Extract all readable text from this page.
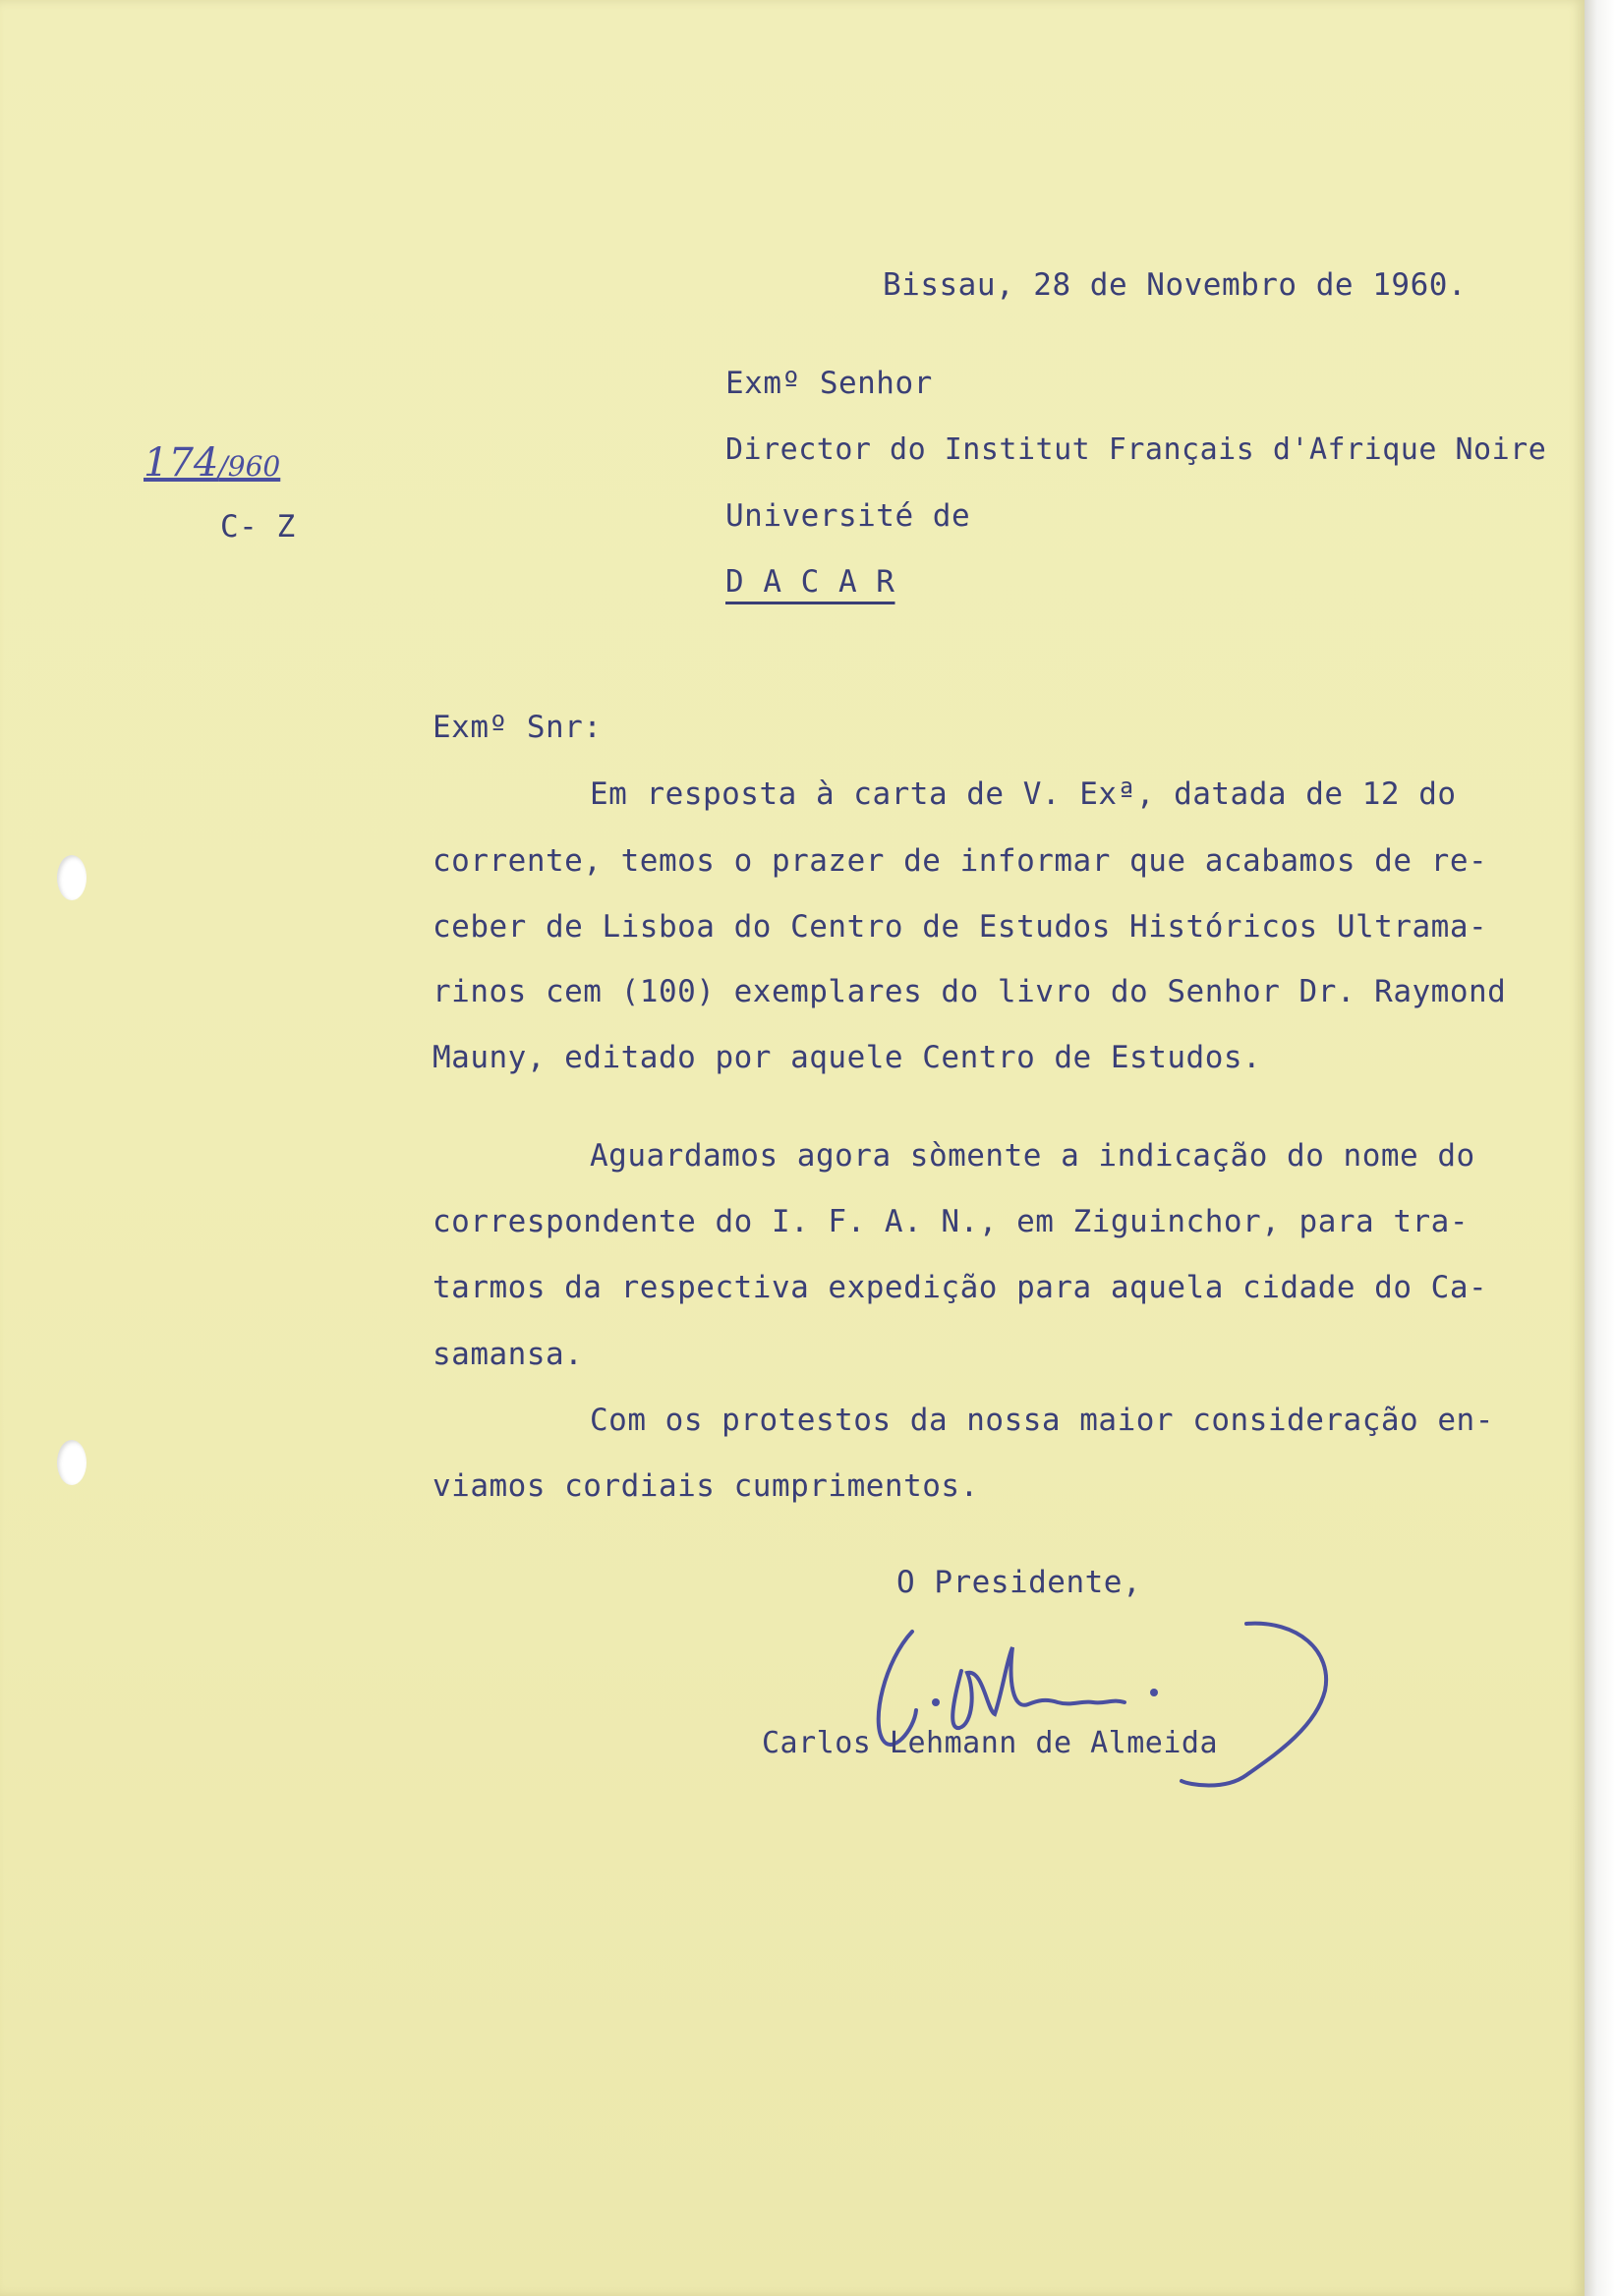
Bissau, 28 de Novembro de 1960.
Exmº Senhor
Director do Institut Français d'Afrique Noire
Université de
D A C A R
174/960
C- Z
Exmº Snr:
Em resposta à carta de V. Exª, datada de 12 do
corrente, temos o prazer de informar que acabamos de re-
ceber de Lisboa do Centro de Estudos Históricos Ultrama-
rinos cem (100) exemplares do livro do Senhor Dr. Raymond
Mauny, editado por aquele Centro de Estudos.
Aguardamos agora sòmente a indicação do nome do
correspondente do I. F. A. N., em Ziguinchor, para tra-
tarmos da respectiva expedição para aquela cidade do Ca-
samansa.
Com os protestos da nossa maior consideração en-
viamos cordiais cumprimentos.
O Presidente,
Carlos Lehmann de Almeida
